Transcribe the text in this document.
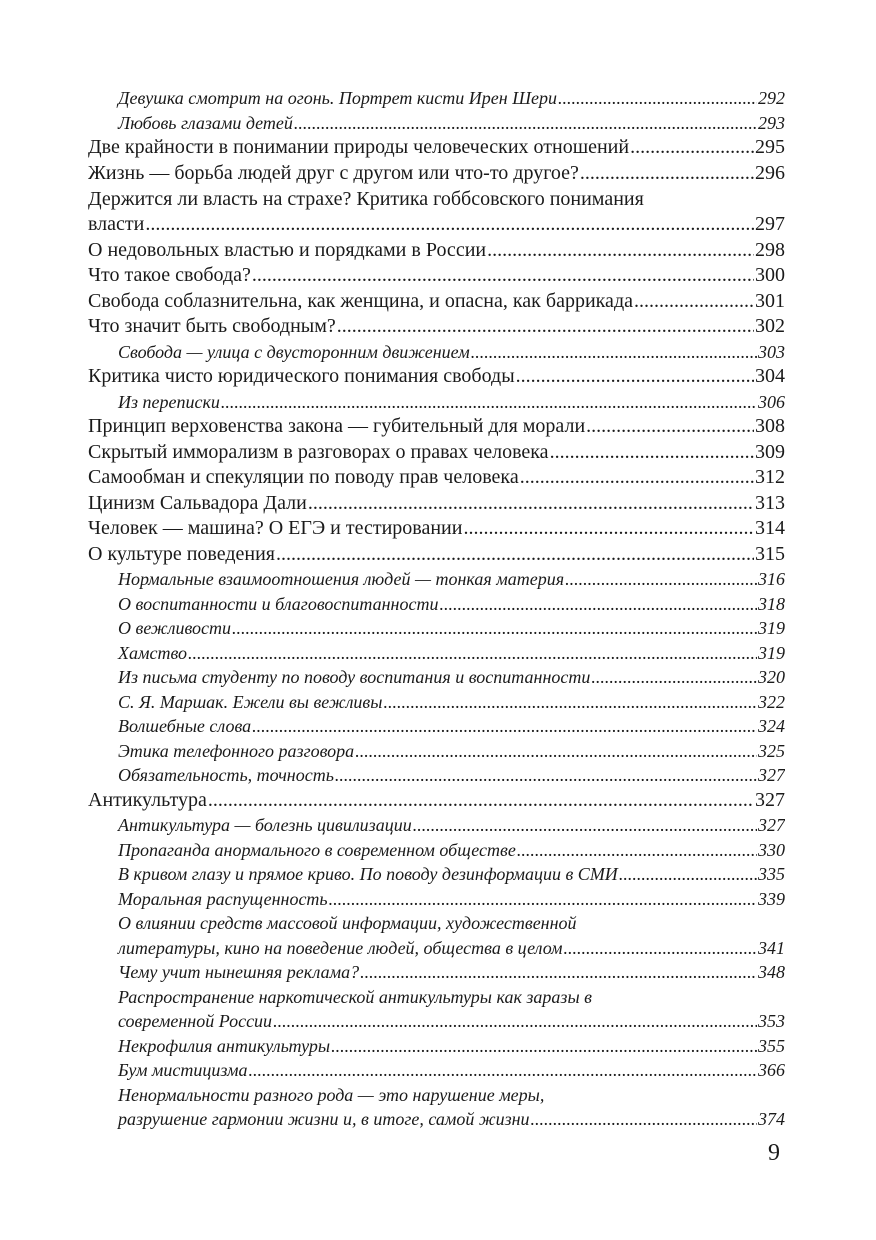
Девушка смотрит на огонь. Портрет кисти Ирен Шери .....	292
Любовь глазами детей .....	293
Две крайности в понимании природы человеческих отношений .....	295
Жизнь — борьба людей друг с другом или что-то другое? .....	296
Держится ли власть на страхе? Критика гоббсовского понимания
власти .....	297
О недовольных властью и порядками в России .....	298
Что такое свобода? .....	300
Свобода соблазнительна, как женщина, и опасна, как баррикада .....	301
Что значит быть свободным? .....	302
Свобода — улица с двусторонним движением .....	303
Критика чисто юридического понимания свободы .....	304
Из переписки .....	306
Принцип верховенства закона — губительный для морали .....	308
Скрытый имморализм в разговорах о правах человека .....	309
Самообман и спекуляции по поводу прав человека .....	312
Цинизм Сальвадора Дали .....	313
Человек — машина? О ЕГЭ и тестировании .....	314
О культуре поведения .....	315
Нормальные взаимоотношения людей — тонкая материя .....	316
О воспитанности и благовоспитанности .....	318
О вежливости .....	319
Хамство .....	319
Из письма студенту по поводу воспитания и воспитанности .....	320
С. Я. Маршак. Ежели вы вежливы .....	322
Волшебные слова .....	324
Этика телефонного разговора .....	325
Обязательность, точность .....	327
Антикультура .....	327
Антикультура — болезнь цивилизации .....	327
Пропаганда анормального в современном обществе .....	330
В кривом глазу и прямое криво. По поводу дезинформации в СМИ .....	335
Моральная распущенность .....	339
О влиянии средств массовой информации, художественной
литературы, кино на поведение людей, общества в целом .....	341
Чему учит нынешняя реклама? .....	348
Распространение наркотической антикультуры как заразы в
современной России .....	353
Некрофилия антикультуры .....	355
Бум мистицизма .....	366
Ненормальности разного рода — это нарушение меры,
разрушение гармонии жизни и, в итоге, самой жизни .....	374
9
